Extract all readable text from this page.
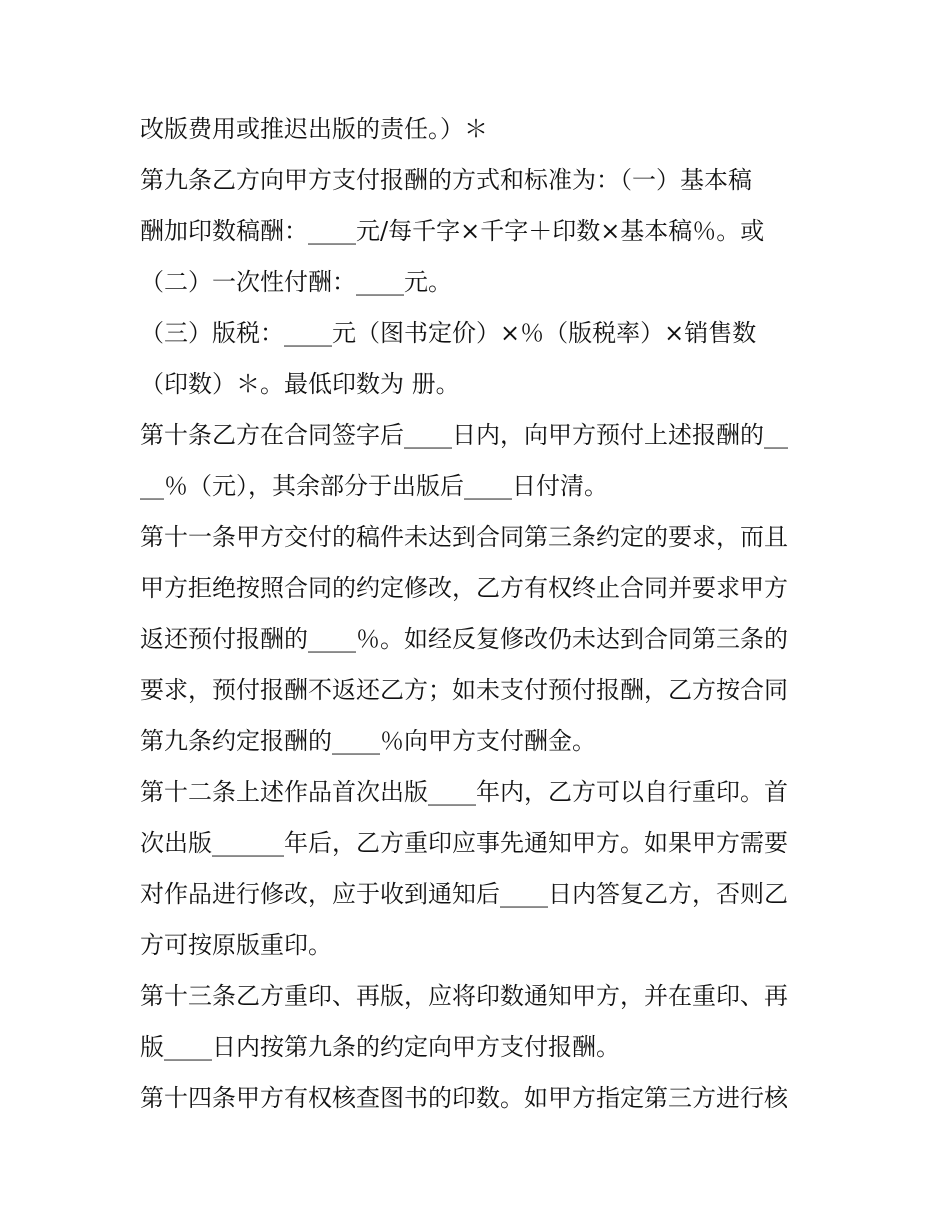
改版费用或推迟出版的责任。）＊
第九条乙方向甲方支付报酬的方式和标准为：（一）基本稿
酬加印数稿酬：____元/每千字×千字＋印数×基本稿％。或
（二）一次性付酬：____元。
（三）版税：____元（图书定价）×％（版税率）×销售数
（印数）＊。最低印数为 册。
第十条乙方在合同签字后____日内，向甲方预付上述报酬的__
__％（元），其余部分于出版后____日付清。
第十一条甲方交付的稿件未达到合同第三条约定的要求，而且
甲方拒绝按照合同的约定修改，乙方有权终止合同并要求甲方
返还预付报酬的____％。如经反复修改仍未达到合同第三条的
要求，预付报酬不返还乙方；如未支付预付报酬，乙方按合同
第九条约定报酬的____％向甲方支付酬金。
第十二条上述作品首次出版____年内，乙方可以自行重印。首
次出版______年后，乙方重印应事先通知甲方。如果甲方需要
对作品进行修改，应于收到通知后____日内答复乙方，否则乙
方可按原版重印。
第十三条乙方重印、再版，应将印数通知甲方，并在重印、再
版____日内按第九条的约定向甲方支付报酬。
第十四条甲方有权核查图书的印数。如甲方指定第三方进行核
